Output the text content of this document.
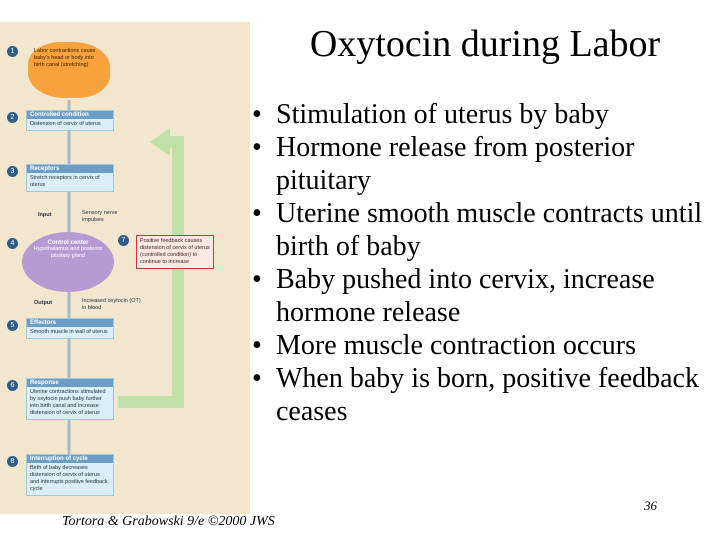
1	Labor contractions cause baby's head or body into birth canal (stretching)
2	Controlled condition
Distension of cervix of uterus
3	Receptors
Stretch receptors in cervix of uterus
Input	Sensory nerve impulses
4	Control center
Hypothalamus and posterior pituitary gland
7	Positive feedback causes distension of cervix of uterus (controlled condition) to continue to increase
Output	Increased oxytocin (OT) in blood
5	Effectors
Smooth muscle in wall of uterus
6	Response
Uterine contractions stimulated by oxytocin push baby further into birth canal and increase distension of cervix of uterus
8	Interruption of cycle
Birth of baby decreases distension of cervix of uterus and interrupts positive feedback cycle
Oxytocin during Labor
• Stimulation of uterus by baby
• Hormone release from posterior pituitary
• Uterine smooth muscle contracts until birth of baby
• Baby pushed into cervix, increase hormone release
• More muscle contraction occurs
• When baby is born, positive feedback ceases
36
Tortora & Grabowski 9/e ©2000 JWS
